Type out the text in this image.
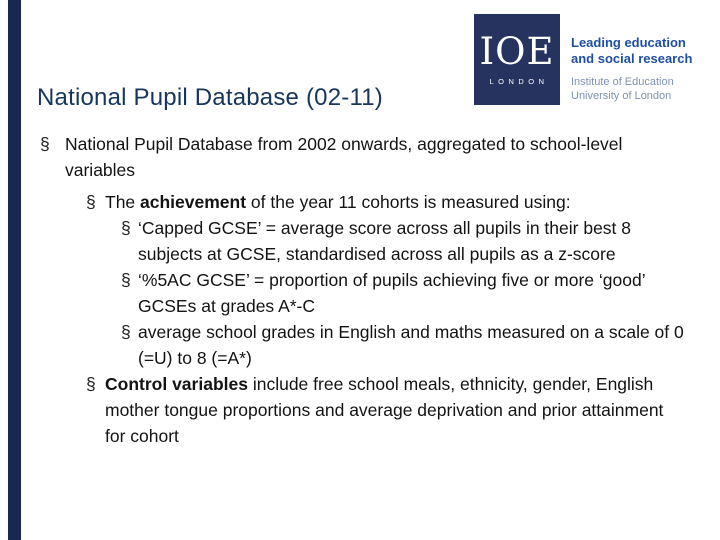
IOE
LONDON
Leading education
and social research
Institute of Education
University of London
National Pupil Database (02-11)
§ National Pupil Database from 2002 onwards, aggregated to school-level variables
§ The achievement of the year 11 cohorts is measured using:
§ ‘Capped GCSE’ = average score across all pupils in their best 8 subjects at GCSE, standardised across all pupils as a z-score
§ ‘%5AC GCSE’ = proportion of pupils achieving five or more ‘good’ GCSEs at grades A*-C
§ average school grades in English and maths measured on a scale of 0 (=U) to 8 (=A*)
§ Control variables include free school meals, ethnicity, gender, English mother tongue proportions and average deprivation and prior attainment for cohort
